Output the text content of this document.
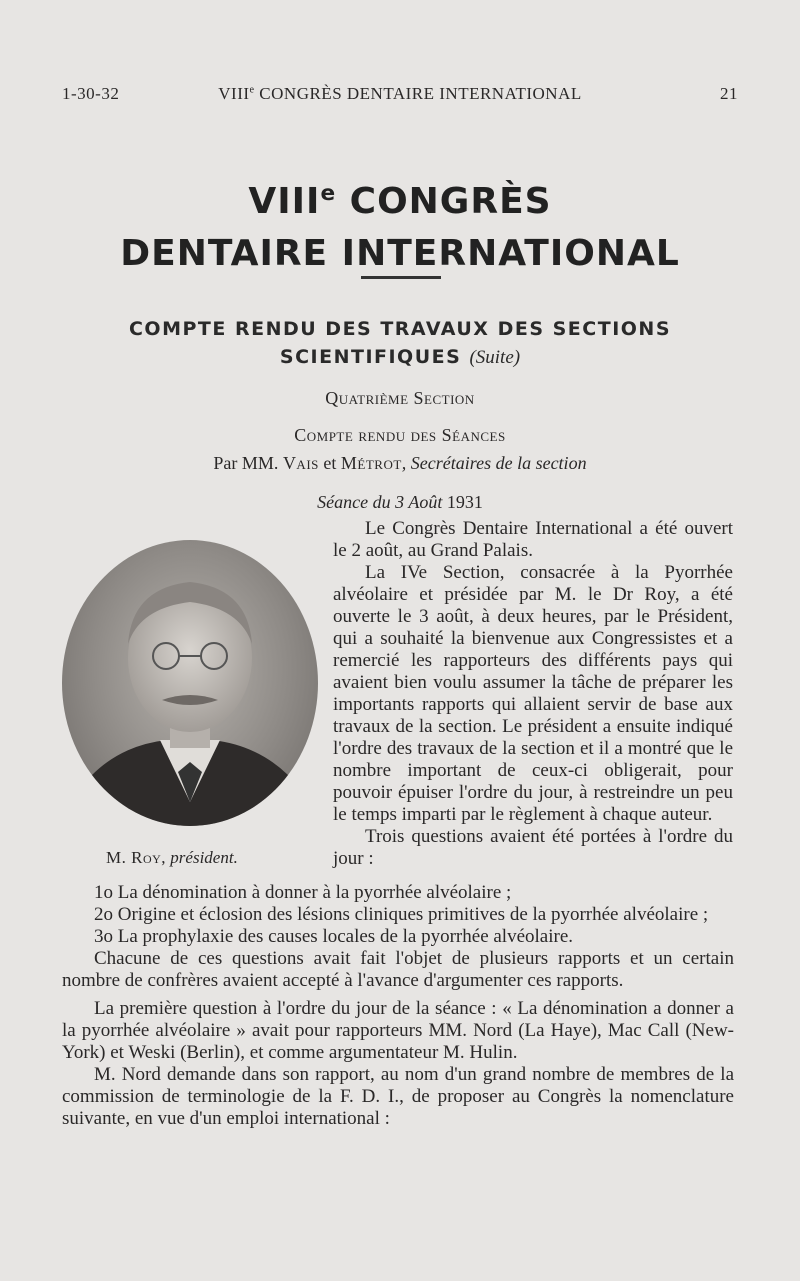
1-30-32	VIIIe CONGRÈS DENTAIRE INTERNATIONAL	21
VIIIe CONGRÈS
DENTAIRE INTERNATIONAL
COMPTE RENDU DES TRAVAUX DES SECTIONS
SCIENTIFIQUES (Suite)
Quatrième Section
Compte rendu des Séances
Par MM. Vais et Métrot, Secrétaires de la section
Séance du 3 Août 1931
M. Roy, président.

Le Congrès Dentaire International a été ouvert le 2 août, au Grand Palais.

La IVe Section, consacrée à la Pyorrhée alvéolaire et présidée par M. le Dr Roy, a été ouverte le 3 août, à deux heures, par le Président, qui a souhaité la bienvenue aux Congressistes et a remercié les rapporteurs des différents pays qui avaient bien voulu assumer la tâche de préparer les importants rapports qui allaient servir de base aux travaux de la section. Le président a ensuite indiqué l'ordre des travaux de la section et il a montré que le nombre important de ceux-ci obligerait, pour pouvoir épuiser l'ordre du jour, à restreindre un peu le temps imparti par le règlement à chaque auteur.

Trois questions avaient été portées à l'ordre du jour :

1o La dénomination à donner à la pyorrhée alvéolaire ;

2o Origine et éclosion des lésions cliniques primitives de la pyorrhée alvéolaire ;

3o La prophylaxie des causes locales de la pyorrhée alvéolaire.

Chacune de ces questions avait fait l'objet de plusieurs rapports et un certain nombre de confrères avaient accepté à l'avance d'argumenter ces rapports.

La première question à l'ordre du jour de la séance : « La dénomination a donner a la pyorrhée alvéolaire » avait pour rapporteurs MM. Nord (La Haye), Mac Call (New-York) et Weski (Berlin), et comme argumentateur M. Hulin.

M. Nord demande dans son rapport, au nom d'un grand nombre de membres de la commission de terminologie de la F. D. I., de proposer au Congrès la nomenclature suivante, en vue d'un emploi international :
